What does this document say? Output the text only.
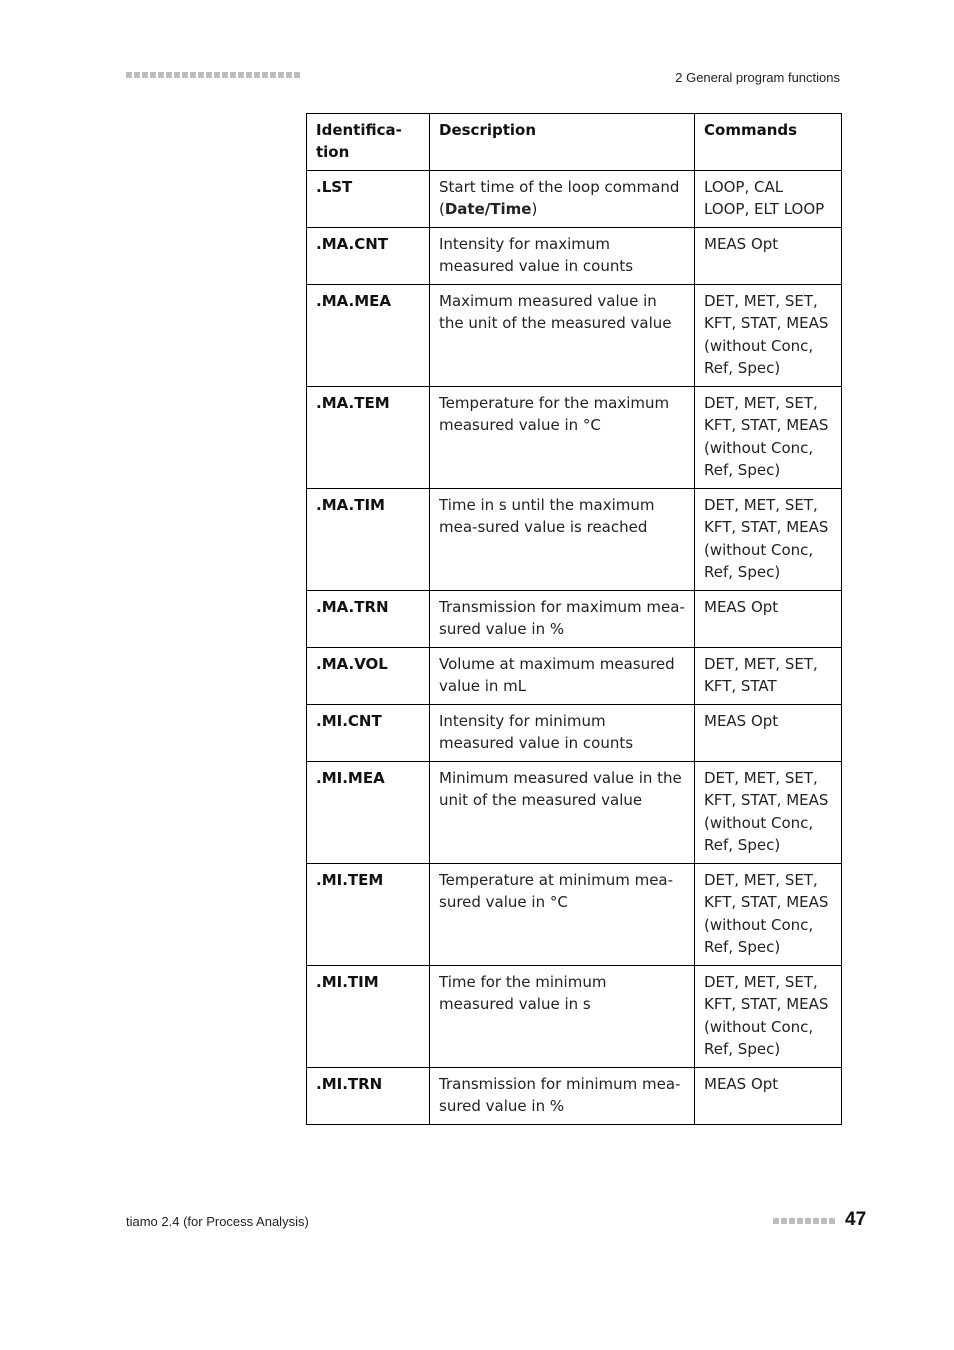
2 General program functions
Identifica-
tion	Description	Commands
.LST	Start time of the loop command (Date/Time)	LOOP, CAL LOOP, ELT LOOP
.MA.CNT	Intensity for maximum measured value in counts	MEAS Opt
.MA.MEA	Maximum measured value in the unit of the measured value	DET, MET, SET, KFT, STAT, MEAS (without Conc, Ref, Spec)
.MA.TEM	Temperature for the maximum measured value in °C	DET, MET, SET, KFT, STAT, MEAS (without Conc, Ref, Spec)
.MA.TIM	Time in s until the maximum mea-sured value is reached	DET, MET, SET, KFT, STAT, MEAS (without Conc, Ref, Spec)
.MA.TRN	Transmission for maximum mea-sured value in %	MEAS Opt
.MA.VOL	Volume at maximum measured value in mL	DET, MET, SET, KFT, STAT
.MI.CNT	Intensity for minimum measured value in counts	MEAS Opt
.MI.MEA	Minimum measured value in the unit of the measured value	DET, MET, SET, KFT, STAT, MEAS (without Conc, Ref, Spec)
.MI.TEM	Temperature at minimum mea-sured value in °C	DET, MET, SET, KFT, STAT, MEAS (without Conc, Ref, Spec)
.MI.TIM	Time for the minimum measured value in s	DET, MET, SET, KFT, STAT, MEAS (without Conc, Ref, Spec)
.MI.TRN	Transmission for minimum mea-sured value in %	MEAS Opt
tiamo 2.4 (for Process Analysis)	47
